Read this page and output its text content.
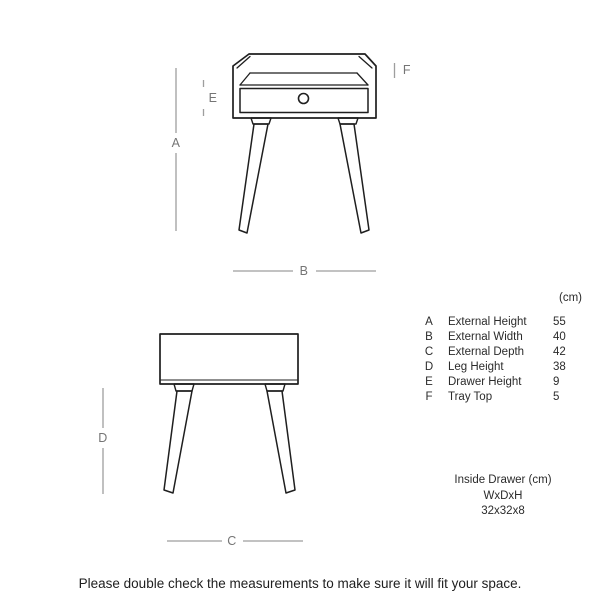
A
E
F
B
D
C
(cm)
A	External Height	55
B	External Width	40
C	External Depth	42
D	Leg Height	38
E	Drawer Height	9
F	Tray Top	5
Inside Drawer (cm)
WxDxH
32x32x8
Please double check the measurements to make sure it will fit your space.
